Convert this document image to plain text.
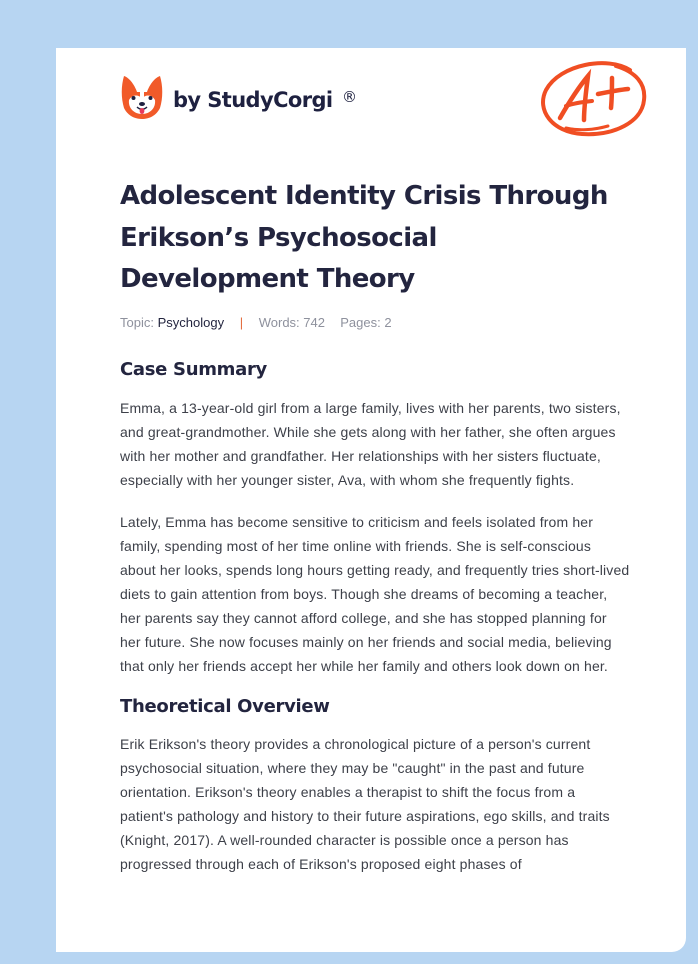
by StudyCorgi ®
Adolescent Identity Crisis Through Erikson’s Psychosocial Development Theory
Topic: Psychology | Words: 742 Pages: 2
Case Summary

Emma, a 13-year-old girl from a large family, lives with her parents, two sisters, and great-grandmother. While she gets along with her father, she often argues with her mother and grandfather. Her relationships with her sisters fluctuate, especially with her younger sister, Ava, with whom she frequently fights.

Lately, Emma has become sensitive to criticism and feels isolated from her family, spending most of her time online with friends. She is self-conscious about her looks, spends long hours getting ready, and frequently tries short-lived diets to gain attention from boys. Though she dreams of becoming a teacher, her parents say they cannot afford college, and she has stopped planning for her future. She now focuses mainly on her friends and social media, believing that only her friends accept her while her family and others look down on her.

Theoretical Overview

Erik Erikson's theory provides a chronological picture of a person's current psychosocial situation, where they may be "caught" in the past and future orientation. Erikson's theory enables a therapist to shift the focus from a patient's pathology and history to their future aspirations, ego skills, and traits (Knight, 2017). A well-rounded character is possible once a person has progressed through each of Erikson's proposed eight phases of
